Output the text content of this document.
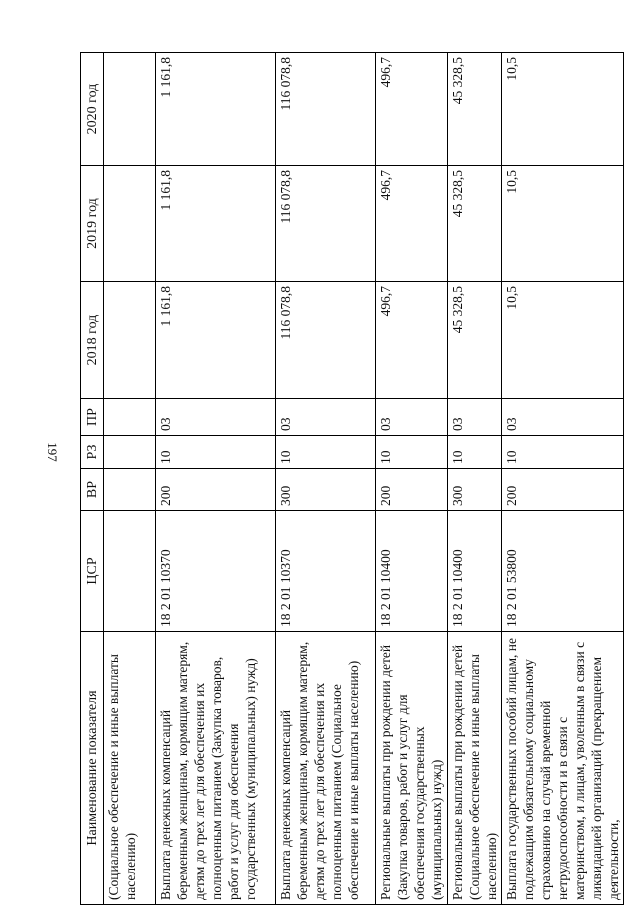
197
Наименование показателя	ЦСР	ВР	РЗ	ПР	2018 год	2019 год	2020 год
(Социальное обеспечение и иные выплаты населению)							
Выплата денежных компенсаций беременным женщинам, кормящим матерям, детям до трех лет для обеспечения их полноценным питанием (Закупка товаров, работ и услуг для обеспечения государственных (муниципальных) нужд)	18 2 01 10370	200	10	03	1 161,8	1 161,8	1 161,8
Выплата денежных компенсаций беременным женщинам, кормящим матерям, детям до трех лет для обеспечения их полноценным питанием (Социальное обеспечение и иные выплаты населению)	18 2 01 10370	300	10	03	116 078,8	116 078,8	116 078,8
Региональные выплаты при рождении детей (Закупка товаров, работ и услуг для обеспечения государственных (муниципальных) нужд)	18 2 01 10400	200	10	03	496,7	496,7	496,7
Региональные выплаты при рождении детей (Социальное обеспечение и иные выплаты населению)	18 2 01 10400	300	10	03	45 328,5	45 328,5	45 328,5
Выплата государственных пособий лицам, не подлежащим обязательному социальному страхованию на случай временной нетрудоспособности и в связи с материнством, и лицам, уволенным в связи с ликвидацией организаций (прекращением деятельности,	18 2 01 53800	200	10	03	10,5	10,5	10,5
